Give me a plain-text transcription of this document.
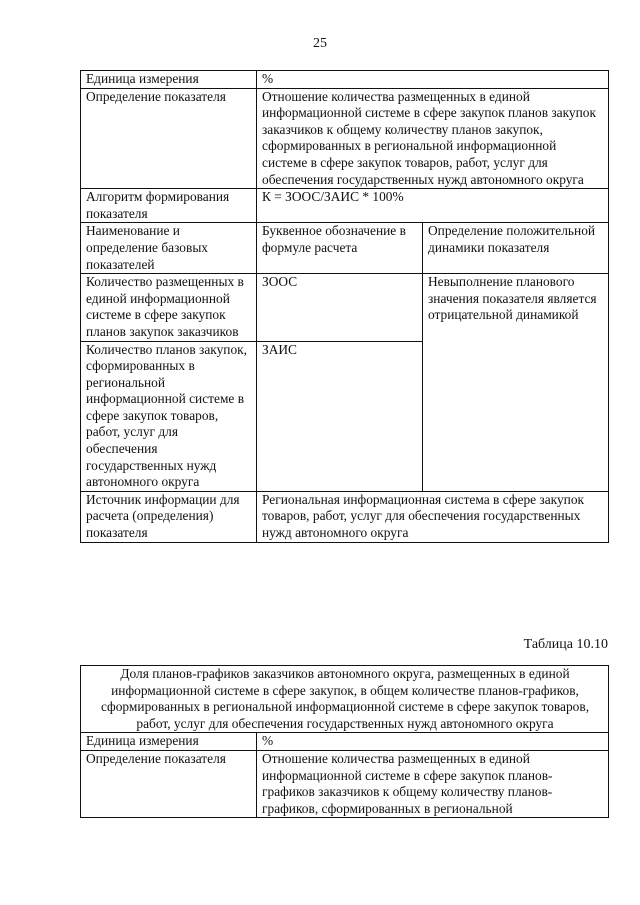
25
Единица измерения	%	
Определение показателя	Отношение количества размещенных в единой информационной системе в сфере закупок планов закупок заказчиков к общему количеству планов закупок, сформированных в региональной информационной системе в сфере закупок товаров, работ, услуг для обеспечения государственных нужд автономного округа	
Алгоритм формирования показателя	К = ЗООС/ЗАИС * 100%	
Наименование и определение базовых показателей	Буквенное обозначение в формуле расчета	Определение положительной динамики показателя
Количество размещенных в единой информационной системе в сфере закупок планов закупок заказчиков	ЗООС	Невыполнение планового значения показателя является отрицательной динамикой
Количество планов закупок, сформированных в региональной информационной системе в сфере закупок товаров, работ, услуг для обеспечения государственных нужд автономного округа	ЗАИС	
Источник информации для расчета (определения) показателя	Региональная информационная система в сфере закупок товаров, работ, услуг для обеспечения государственных нужд автономного округа	
Таблица 10.10
Доля планов-графиков заказчиков автономного округа, размещенных в единой информационной системе в сфере закупок, в общем количестве планов-графиков, сформированных в региональной информационной системе в сфере закупок товаров, работ, услуг для обеспечения государственных нужд автономного округа	
Единица измерения	%
Определение показателя	Отношение количества размещенных в единой информационной системе в сфере закупок планов-графиков заказчиков к общему количеству планов-графиков, сформированных в региональной
